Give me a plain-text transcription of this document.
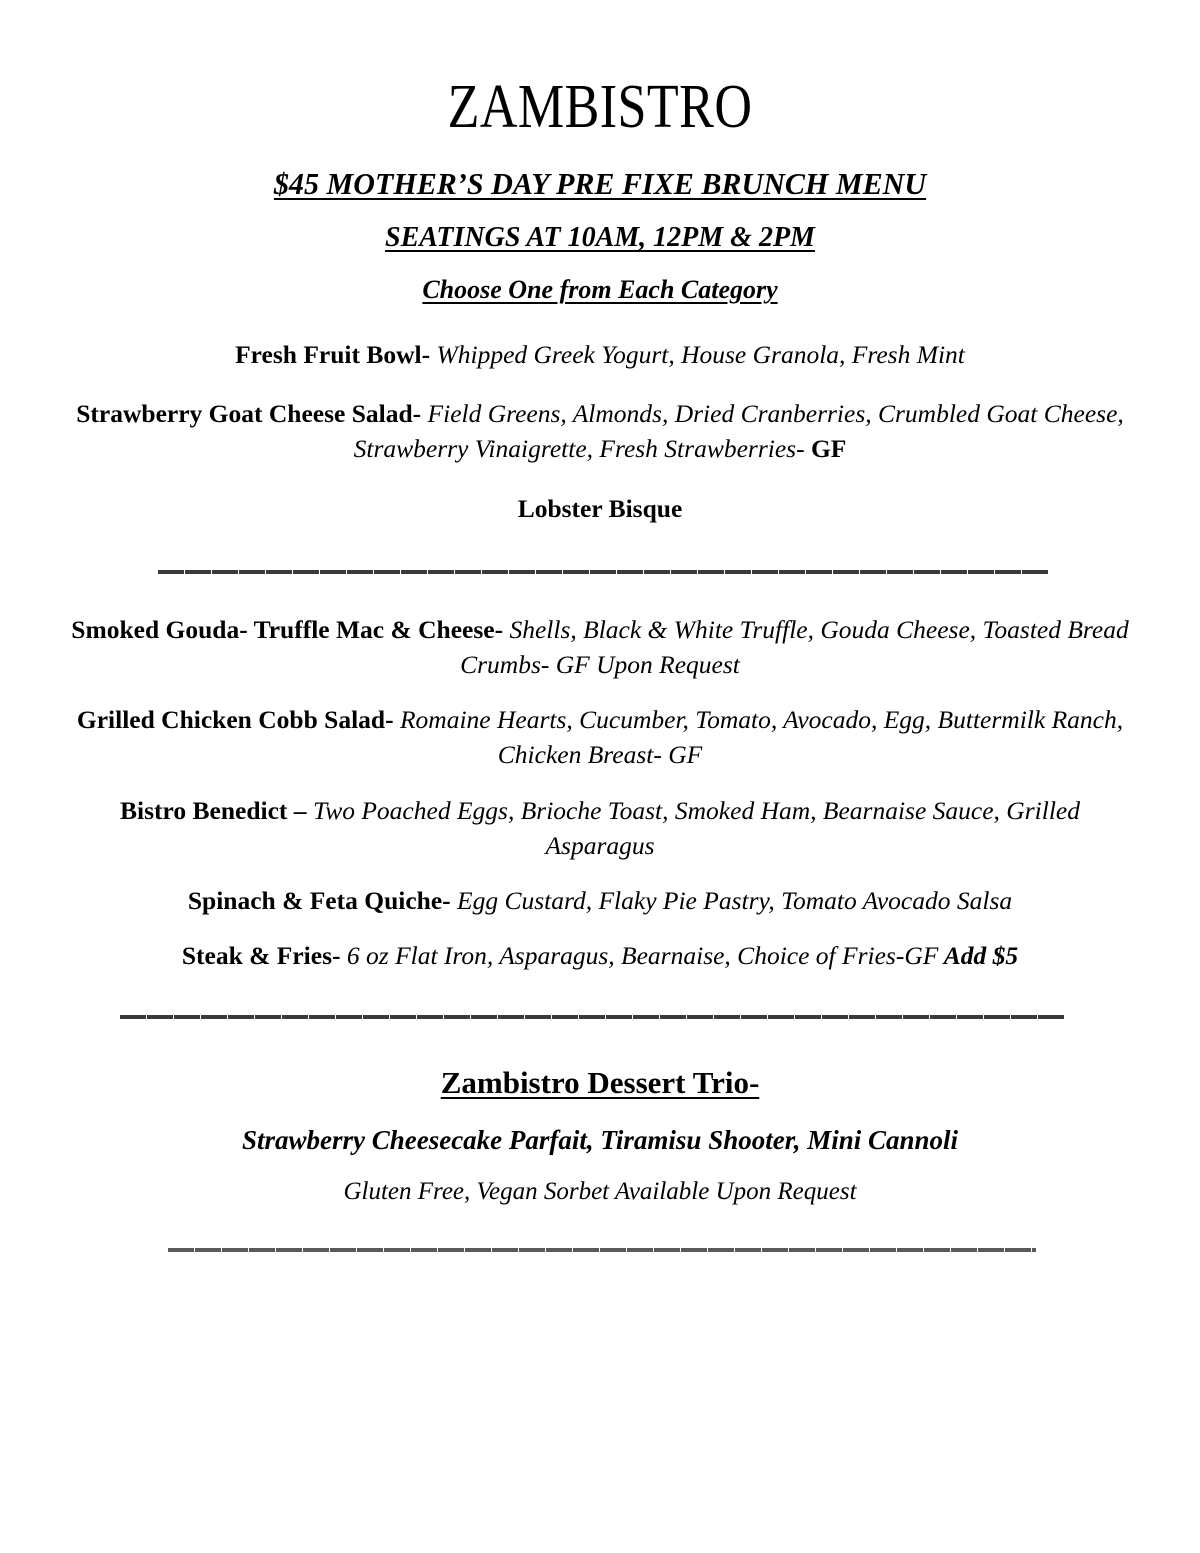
ZAMBISTRO
$45 MOTHER’S DAY PRE FIXE BRUNCH MENU
SEATINGS AT 10AM, 12PM & 2PM
Choose One from Each Category

Fresh Fruit Bowl- Whipped Greek Yogurt, House Granola, Fresh Mint

Strawberry Goat Cheese Salad- Field Greens, Almonds, Dried Cranberries, Crumbled Goat Cheese, Strawberry Vinaigrette, Fresh Strawberries- GF

Lobster Bisque

Smoked Gouda- Truffle Mac & Cheese- Shells, Black & White Truffle, Gouda Cheese, Toasted Bread Crumbs- GF Upon Request

Grilled Chicken Cobb Salad- Romaine Hearts, Cucumber, Tomato, Avocado, Egg, Buttermilk Ranch, Chicken Breast- GF

Bistro Benedict – Two Poached Eggs, Brioche Toast, Smoked Ham, Bearnaise Sauce, Grilled Asparagus

Spinach & Feta Quiche- Egg Custard, Flaky Pie Pastry, Tomato Avocado Salsa

Steak & Fries- 6 oz Flat Iron, Asparagus, Bearnaise, Choice of Fries-GF Add $5

Zambistro Dessert Trio-

Strawberry Cheesecake Parfait, Tiramisu Shooter, Mini Cannoli

Gluten Free, Vegan Sorbet Available Upon Request
